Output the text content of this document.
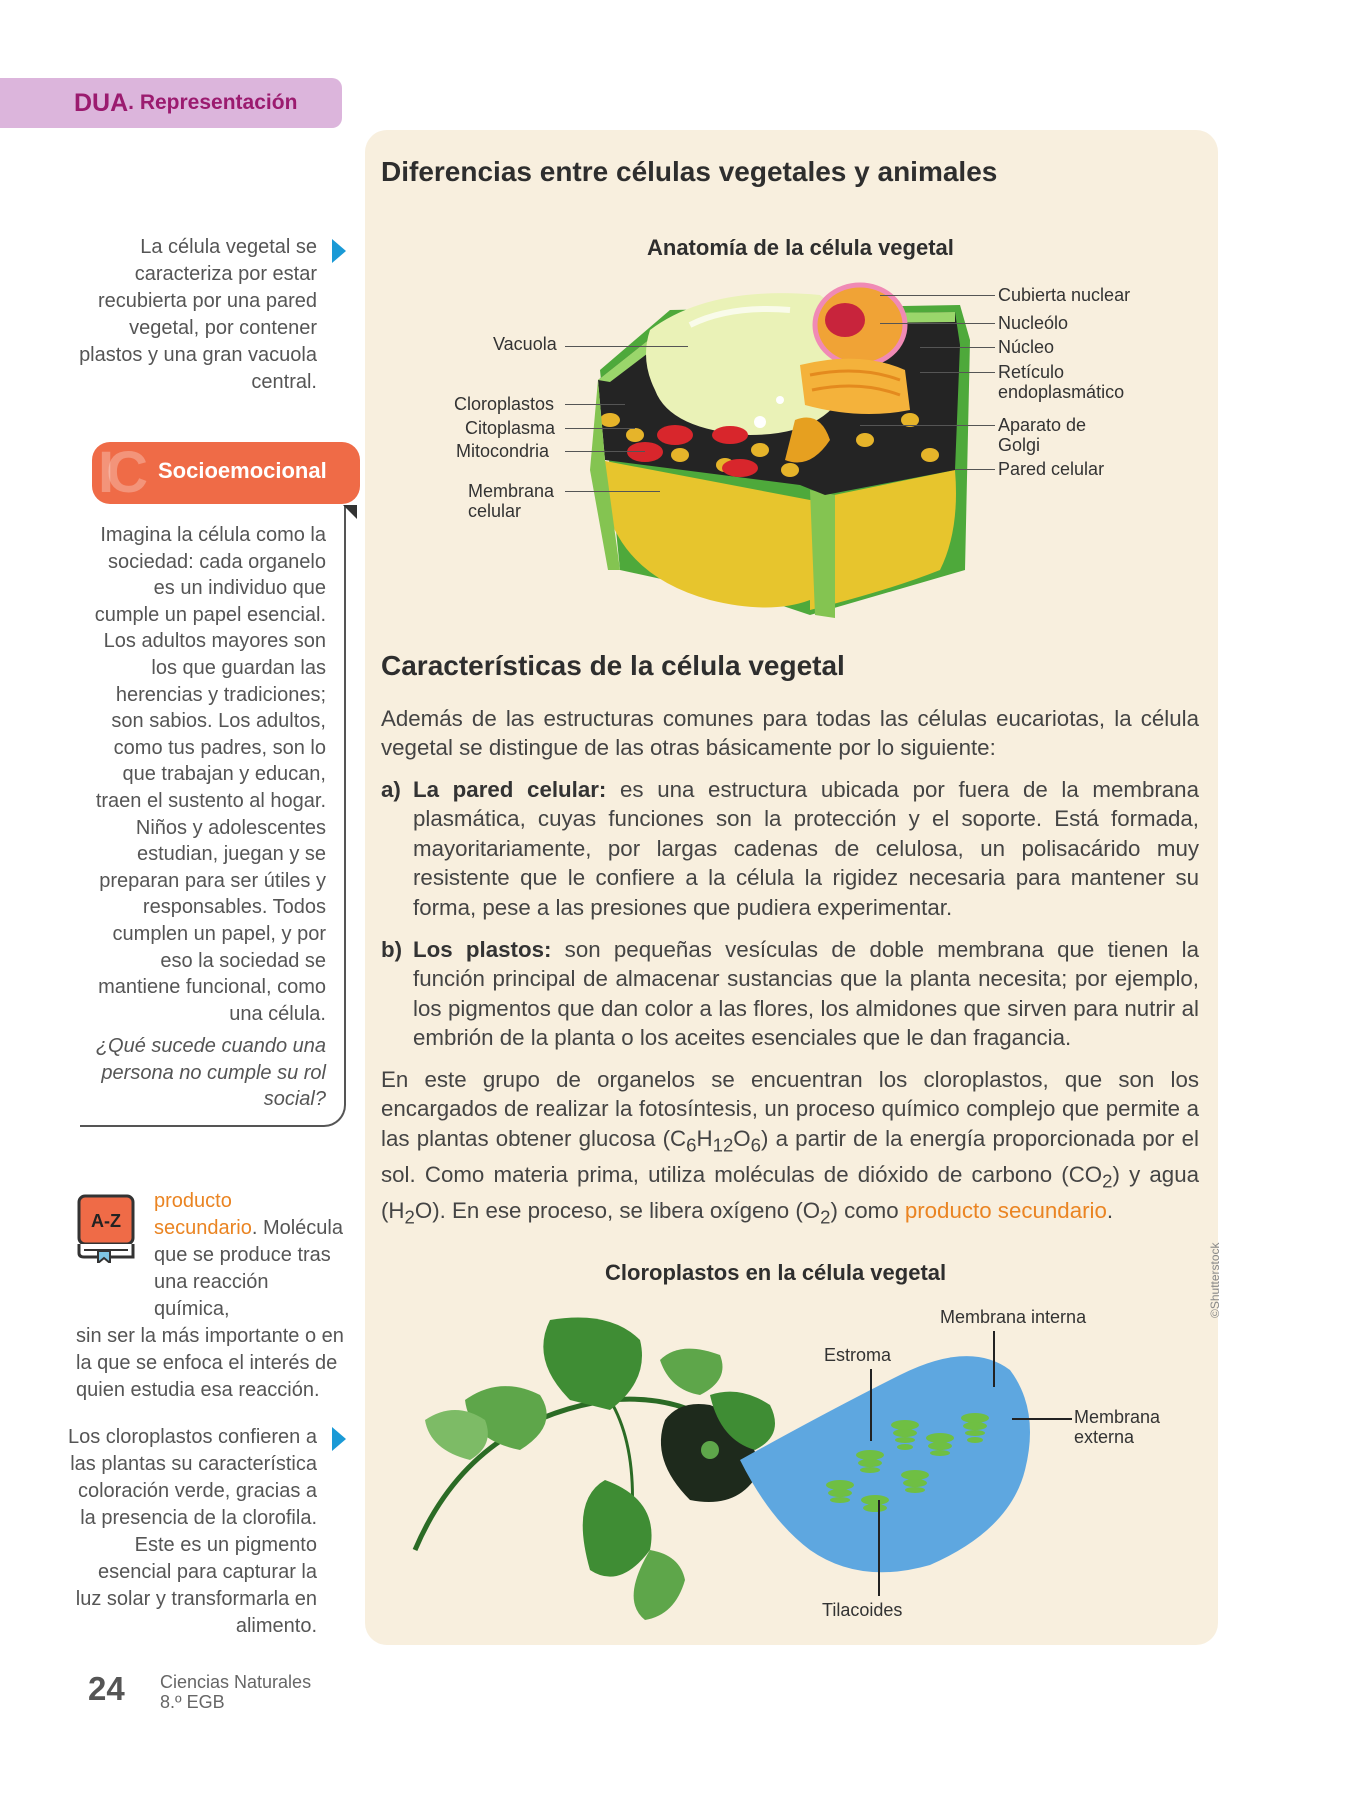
DUA . Representación
La célula vegetal se
caracteriza por estar
recubierta por una pared
vegetal, por contener
plastos y una gran vacuola
central.
IC Socioemocional
Imagina la célula como la
sociedad: cada organelo
es un individuo que
cumple un papel esencial.
Los adultos mayores son
los que guardan las
herencias y tradiciones;
son sabios. Los adultos,
como tus padres, son lo
que trabajan y educan,
traen el sustento al hogar.
Niños y adolescentes
estudian, juegan y se
preparan para ser útiles y
responsables. Todos
cumplen un papel, y por
eso la sociedad se
mantiene funcional, como
una célula.
¿Qué sucede cuando una
persona no cumple su rol
social?
A-Z
producto
secundario. Molécula
que se produce tras
una reacción química,
sin ser la más importante o en
la que se enfoca el interés de
quien estudia esa reacción.
Los cloroplastos confieren a
las plantas su característica
coloración verde, gracias a
la presencia de la clorofila.
Este es un pigmento
esencial para capturar la
luz solar y transformarla en
alimento.
24 Ciencias Naturales
8.º EGB
Diferencias entre células vegetales y animales
Anatomía de la célula vegetal
Vacuola
Cloroplastos
Citoplasma
Mitocondria
Membrana
celular
Cubierta nuclear
Nucleólo
Núcleo
Retículo
endoplasmático
Aparato de
Golgi
Pared celular
Características de la célula vegetal
Además de las estructuras comunes para todas las células eucariotas, la célula vegetal se distingue de las otras básicamente por lo siguiente:
a) La pared celular: es una estructura ubicada por fuera de la membrana plasmática, cuyas funciones son la protección y el soporte. Está formada, mayoritariamente, por largas cadenas de celulosa, un polisacárido muy resistente que le confiere a la célula la rigidez necesaria para mantener su forma, pese a las presiones que pudiera experimentar.
b) Los plastos: son pequeñas vesículas de doble membrana que tienen la función principal de almacenar sustancias que la planta necesita; por ejemplo, los pigmentos que dan color a las flores, los almidones que sirven para nutrir al embrión de la planta o los aceites esenciales que le dan fragancia.
En este grupo de organelos se encuentran los cloroplastos, que son los encargados de realizar la fotosíntesis, un proceso químico complejo que permite a las plantas obtener glucosa $(C_6H_{12}O_6)$ a partir de la energía proporcionada por el sol. Como materia prima, utiliza moléculas de dióxido de carbono $(CO_2)$ y agua $(H_2O)$. En ese proceso, se libera oxígeno $(O_2)$ como producto secundario.
Cloroplastos en la célula vegetal
Membrana interna
Estroma
Membrana
externa
Tilacoides
©Shutterstock
